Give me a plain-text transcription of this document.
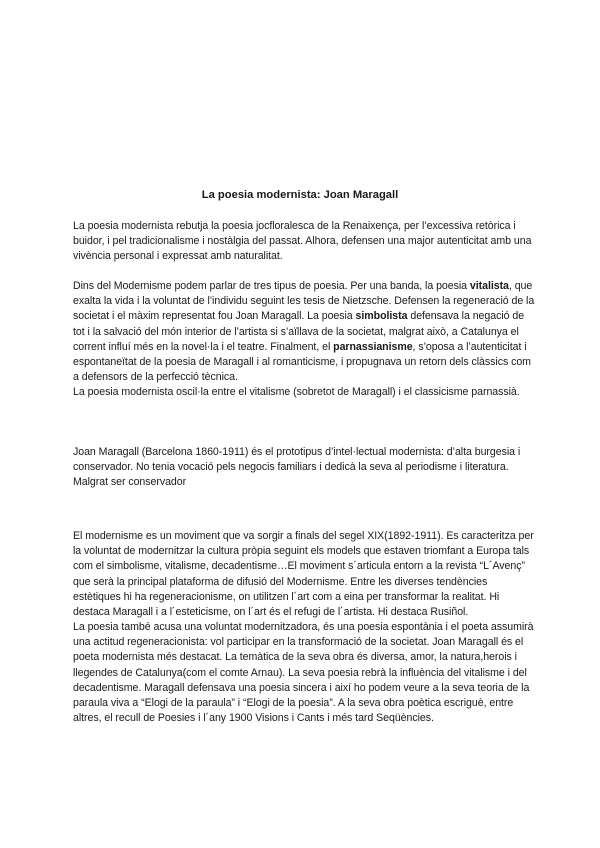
La poesia modernista: Joan Maragall

La poesia modernista rebutja la poesia jocfloralesca de la Renaixença, per l’excessiva retòrica i buidor, i pel tradicionalisme i nostàlgia del passat. Alhora, defensen una major autenticitat amb una vivència personal i expressat amb naturalitat.

Dins del Modernisme podem parlar de tres tipus de poesia. Per una banda, la poesia vitalista, que exalta la vida i la voluntat de l’individu seguint les tesis de Nietzsche. Defensen la regeneració de la societat i el màxim representat fou Joan Maragall. La poesia simbolista defensava la negació de tot i la salvació del món interior de l’artista si s’aïllava de la societat, malgrat això, a Catalunya el corrent influí més en la novel·la i el teatre. Finalment, el parnassianisme, s’oposa a l’autenticitat i espontaneïtat de la poesia de Maragall i al romanticisme, i propugnava un retorn dels clàssics com a defensors de la perfecció tècnica.

La poesia modernista oscil·la entre el vitalisme (sobretot de Maragall) i el classicisme parnassià.

Joan Maragall (Barcelona 1860-1911) és el prototipus d’intel·lectual modernista: d’alta burgesia i conservador. No tenia vocació pels negocis familiars i dedicà la seva al periodisme i literatura. Malgrat ser conservador

El modernisme es un moviment que va sorgir a finals del segel XIX(1892-1911). Es caracteritza per la voluntat de modernitzar la cultura pròpia seguint els models que estaven triomfant a Europa tals com el simbolisme, vitalisme, decadentisme…El moviment s´articula entorn a la revista “L´Avenç” que serà la principal plataforma de difusió del Modernisme. Entre les diverses tendències estètiques hi ha regeneracionisme, on utilitzen l´art com a eina per transformar la realitat. Hi destaca Maragall i a l´esteticisme, on l´art és el refugi de l´artista. Hi destaca Rusiñol.

La poesia també acusa una voluntat modernitzadora, és una poesia espontània i el poeta assumirà una actitud regeneracionista: vol participar en la transformació de la societat. Joan Maragall és el poeta modernista més destacat. La temàtica de la seva obra és diversa, amor, la natura,herois i llegendes de Catalunya(com el comte Arnau). La seva poesia rebrà la influència del vitalisme i del decadentisme. Maragall defensava una poesia sincera i així ho podem veure a la seva teoria de la paraula viva a “Elogi de la paraula” i “Elogi de la poesia”. A la seva obra poètica escriguè, entre altres, el recull de Poesies i l´any 1900 Visions i Cants i més tard Seqüències.
